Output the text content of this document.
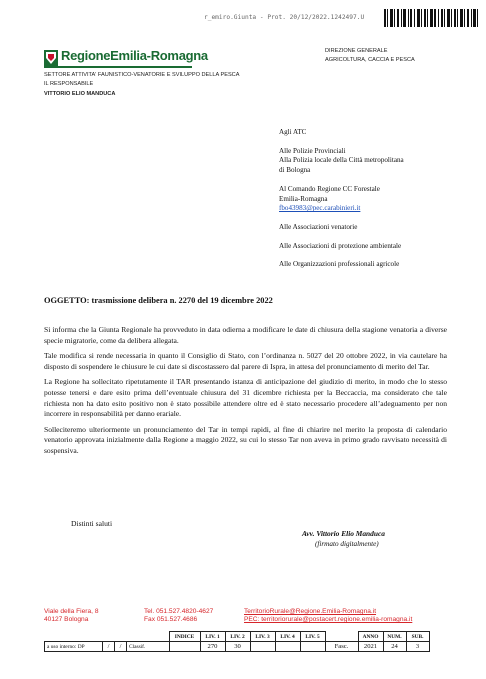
r_emiro.Giunta - Prot. 20/12/2022.1242497.U
RegioneEmilia-Romagna
SETTORE ATTIVITA' FAUNISTICO-VENATORIE E SVILUPPO DELLA PESCA
IL RESPONSABILE
VITTORIO ELIO MANDUCA
DIREZIONE GENERALE
AGRICOLTURA, CACCIA E PESCA
Agli ATC
Alle Polizie Provinciali
Alla Polizia locale della Città metropolitana
di Bologna
Al Comando Regione CC Forestale
Emilia-Romagna
fbo43983@pec.carabinieri.it
Alle Associazioni venatorie
Alle Associazioni di protezione ambientale
Alle Organizzazioni professionali agricole
OGGETTO: trasmissione delibera n. 2270 del 19 dicembre 2022

Si informa che la Giunta Regionale ha provveduto in data odierna a modificare le date di chiusura della stagione venatoria a diverse specie migratorie, come da delibera allegata.

Tale modifica si rende necessaria in quanto il Consiglio di Stato, con l’ordinanza n. 5027 del 20 ottobre 2022, in via cautelare ha disposto di sospendere le chiusure le cui date si discostassero dal parere di Ispra, in attesa del pronunciamento di merito del Tar.

La Regione ha sollecitato ripetutamente il TAR presentando istanza di anticipazione del giudizio di merito, in modo che lo stesso potesse tenersi e dare esito prima dell’eventuale chiusura del 31 dicembre richiesta per la Beccaccia, ma considerato che tale richiesta non ha dato esito positivo non è stato possibile attendere oltre ed è stato necessario procedere all’adeguamento per non incorrere in responsabilità per danno erariale.

Solleciteremo ulteriormente un pronunciamento del Tar in tempi rapidi, al fine di chiarire nel merito la proposta di calendario venatorio approvata inizialmente dalla Regione a maggio 2022, su cui lo stesso Tar non aveva in primo grado ravvisato necessità di sospensiva.

Distinti saluti
Avv. Vittorio Elio Manduca
(firmato digitalmente)
Viale della Fiera, 8
40127 Bologna
Tel. 051.527.4820-4627
Fax 051.527.4686
TerritorioRurale@Regione.Emilia-Romagna.it
PEC: territoriorurale@postacert.regione.emilia-romagna.it
				INDICE	LIV. 1	LIV. 2	LIV. 3	LIV. 4	LIV. 5		ANNO	NUM.	SUB.
a uso interno: DP	/	/	Classif.		270	30				Fasc.	2021	24	3
